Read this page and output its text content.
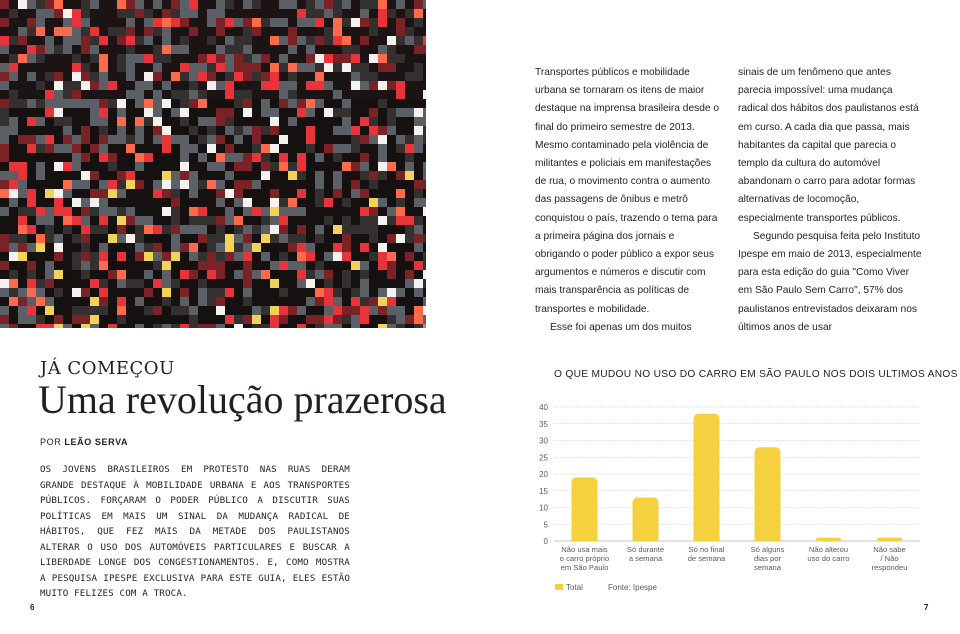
JÁ COMEÇOU
Uma revolução prazerosa
POR LEÃO SERVA

OS JOVENS BRASILEIROS EM PROTESTO NAS RUAS DERAM GRANDE DESTAQUE À MOBILIDADE URBANA E AOS TRANSPORTES PÚBLICOS. FORÇARAM O PODER PÚBLICO A DISCUTIR SUAS POLÍTICAS EM MAIS UM SINAL DA MUDANÇA RADICAL DE HÁBITOS, QUE FEZ MAIS DA METADE DOS PAULISTANOS ALTERAR O USO DOS AUTOMÓVEIS PARTICULARES E BUSCAR A LIBERDADE LONGE DOS CONGESTIONAMENTOS. E, COMO MOSTRA A PESQUISA IPESPE EXCLUSIVA PARA ESTE GUIA, ELES ESTÃO MUITO FELIZES COM A TROCA.

6

Transportes públicos e mobilidade urbana se tornaram os itens de maior destaque na imprensa brasileira desde o final do primeiro semestre de 2013. Mesmo contaminado pela violência de militantes e policiais em manifestações de rua, o movimento contra o aumento das passagens de ônibus e metrô conquistou o país, trazendo o tema para a primeira página dos jornais e obrigando o poder público a expor seus argumentos e números e discutir com mais transparência as políticas de transportes e mobilidade.

Esse foi apenas um dos muitos

sinais de um fenômeno que antes parecia impossível: uma mudança radical dos hábitos dos paulistanos está em curso. A cada dia que passa, mais habitantes da capital que parecia o templo da cultura do automóvel abandonam o carro para adotar formas alternativas de locomoção, especialmente transportes públicos.

Segundo pesquisa feita pelo Instituto Ipespe em maio de 2013, especialmente para esta edição do guia "Como Viver em São Paulo Sem Carro", 57% dos paulistanos entrevistados deixaram nos últimos anos de usar

O QUE MUDOU NO USO DO CARRO EM SÃO PAULO NOS DOIS ULTIMOS ANOS
0
5
10
15
20
25
30
35
40
Não usa mais
o carro próprio
em São Paulo
Só durante
a semana
Só no final
de semana
Só alguns
dias por
semana
Não alterou
uso do carro
Não sabe
/ Não
respondeu
Total	Fonte: Ipespe
7
